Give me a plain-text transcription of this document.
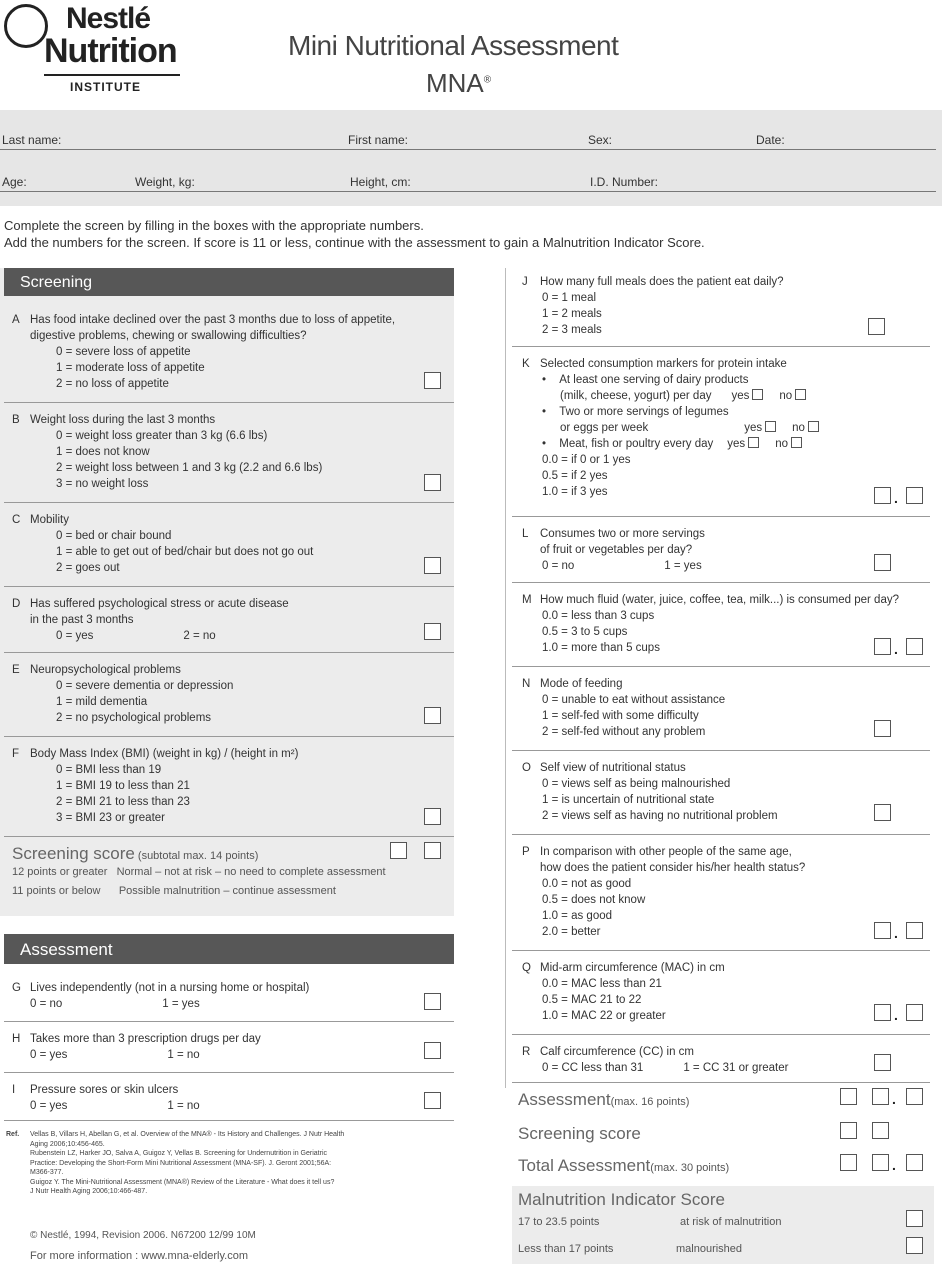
Nestlé
Nutrition
INSTITUTE
Mini Nutritional Assessment
MNA®
Last name:	First name:	Sex:	Date:
Age:	Weight, kg:	Height, cm:	I.D. Number:
Complete the screen by filling in the boxes with the appropriate numbers.
Add the numbers for the screen. If score is 11 or less, continue with the assessment to gain a Malnutrition Indicator Score.
Screening
A Has food intake declined over the past 3 months due to loss of appetite,
digestive problems, chewing or swallowing difficulties?
0 = severe loss of appetite
1 = moderate loss of appetite
2 = no loss of appetite
B Weight loss during the last 3 months
0 = weight loss greater than 3 kg (6.6 lbs)
1 = does not know
2 = weight loss between 1 and 3 kg (2.2 and 6.6 lbs)
3 = no weight loss
C Mobility
0 = bed or chair bound
1 = able to get out of bed/chair but does not go out
2 = goes out
D Has suffered psychological stress or acute disease
in the past 3 months
0 = yes	2 = no
E Neuropsychological problems
0 = severe dementia or depression
1 = mild dementia
2 = no psychological problems
F Body Mass Index (BMI) (weight in kg) / (height in m²)
0 = BMI less than 19
1 = BMI 19 to less than 21
2 = BMI 21 to less than 23
3 = BMI 23 or greater
Screening score (subtotal max. 14 points)
12 points or greater Normal – not at risk – no need to complete assessment
11 points or below Possible malnutrition – continue assessment
Assessment
G Lives independently (not in a nursing home or hospital)
0 = no	1 = yes
H Takes more than 3 prescription drugs per day
0 = yes	1 = no
I Pressure sores or skin ulcers
0 = yes	1 = no
Ref. Vellas B, Villars H, Abellan G, et al. Overview of the MNA® - Its History and Challenges. J Nutr Health
Aging 2006;10:456-465.
Rubenstein LZ, Harker JO, Salva A, Guigoz Y, Vellas B. Screening for Undernutrition in Geriatric
Practice: Developing the Short-Form Mini Nutritional Assessment (MNA-SF). J. Geront 2001;56A:
M366-377.
Guigoz Y. The Mini-Nutritional Assessment (MNA®) Review of the Literature - What does it tell us?
J Nutr Health Aging 2006;10:466-487.
© Nestlé, 1994, Revision 2006. N67200 12/99 10M
For more information : www.mna-elderly.com
J How many full meals does the patient eat daily?
0 = 1 meal
1 = 2 meals
2 = 3 meals
K Selected consumption markers for protein intake
• At least one serving of dairy products
(milk, cheese, yogurt) per day yes	no
• Two or more servings of legumes
or eggs per week	yes	no
• Meat, fish or poultry every day yes	no
0.0 = if 0 or 1 yes
0.5 = if 2 yes
1.0 = if 3 yes	.
L Consumes two or more servings
of fruit or vegetables per day?
0 = no	1 = yes
M How much fluid (water, juice, coffee, tea, milk...) is consumed per day?
0.0 = less than 3 cups
0.5 = 3 to 5 cups
1.0 = more than 5 cups	.
N Mode of feeding
0 = unable to eat without assistance
1 = self-fed with some difficulty
2 = self-fed without any problem
O Self view of nutritional status
0 = views self as being malnourished
1 = is uncertain of nutritional state
2 = views self as having no nutritional problem
P In comparison with other people of the same age,
how does the patient consider his/her health status?
0.0 = not as good
0.5 = does not know
1.0 = as good
2.0 = better	.
Q Mid-arm circumference (MAC) in cm
0.0 = MAC less than 21
0.5 = MAC 21 to 22
1.0 = MAC 22 or greater	.
R Calf circumference (CC) in cm
0 = CC less than 31	1 = CC 31 or greater
Assessment(max. 16 points)	.
Screening score
Total Assessment(max. 30 points)	.
Malnutrition Indicator Score
17 to 23.5 points	at risk of malnutrition
Less than 17 points	malnourished
